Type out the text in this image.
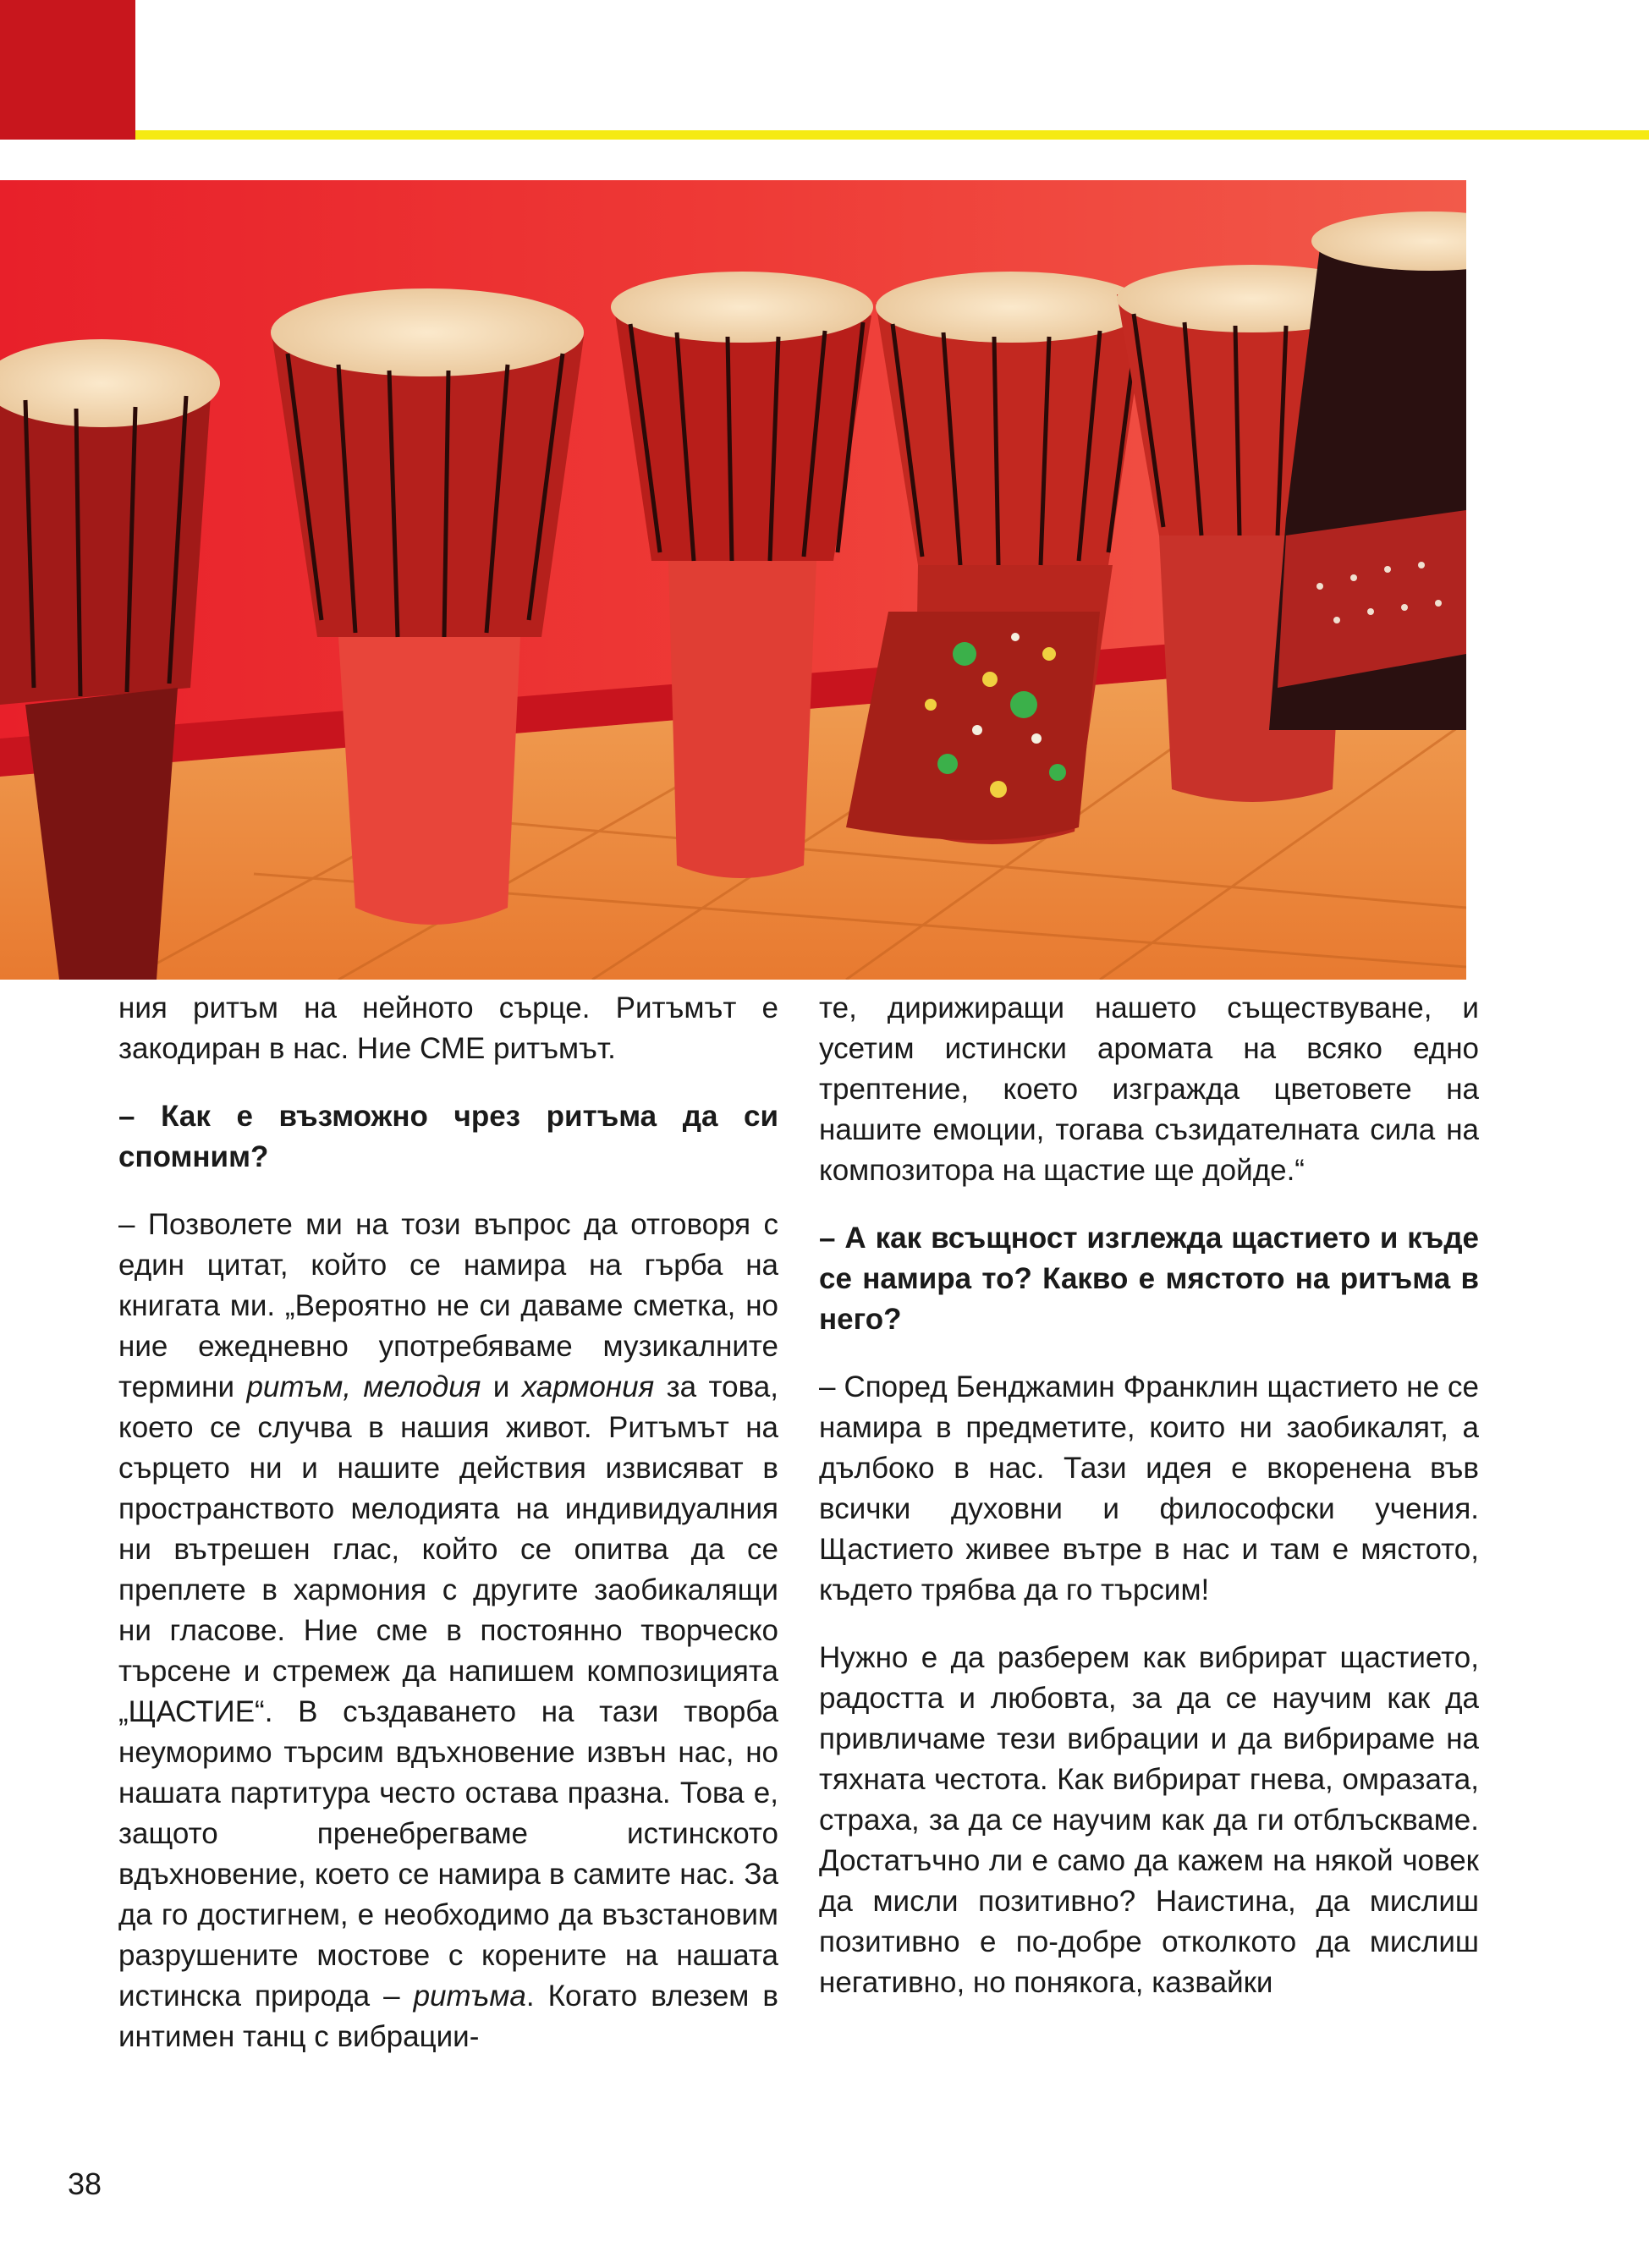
ния ритъм на нейното сърце. Ритъмът е закодиран в нас. Ние СМЕ ритъмът.

– Как е възможно чрез ритъма да си спомним?

– Позволете ми на този въпрос да отговоря с един цитат, който се намира на гърба на книгата ми. „Вероятно не си даваме сметка, но ние ежедневно употребяваме музикалните термини ритъм, мелодия и хармония за това, което се случва в нашия живот. Ритъмът на сърцето ни и нашите действия извисяват в пространството мелодията на индивидуалния ни вътрешен глас, който се опитва да се преплете в хармония с другите заобикалящи ни гласове. Ние сме в постоянно творческо търсене и стремеж да напишем композицията „ЩАСТИЕ“. В създаването на тази творба неуморимо търсим вдъхновение извън нас, но нашата партитура често остава празна. Това е, защото пренебрегваме истинското вдъхновение, което се намира в самите нас. За да го достигнем, е необходимо да възстановим разрушените мостове с корените на нашата истинска природа – ритъма. Когато влезем в интимен танц с вибрации-

те, дирижиращи нашето съществуване, и усетим истински аромата на всяко едно трептение, което изгражда цветовете на нашите емоции, тогава съзидателната сила на композитора на щастие ще дойде.“

– А как всъщност изглежда щастието и къде се намира то? Какво е мястото на ритъма в него?

– Според Бенджамин Франклин щастието не се намира в предметите, които ни заобикалят, а дълбоко в нас. Тази идея е вкоренена във всички духовни и философски учения. Щастието живее вътре в нас и там е мястото, където трябва да го търсим!

Нужно е да разберем как вибрират щастието, радостта и любовта, за да се научим как да привличаме тези вибрации и да вибрираме на тяхната честота. Как вибрират гнева, омразата, страха, за да се научим как да ги отблъскваме. Достатъчно ли е само да кажем на някой човек да мисли позитивно? Наистина, да мислиш позитивно е по-добре отколкото да мислиш негативно, но понякога, казвайки

38
